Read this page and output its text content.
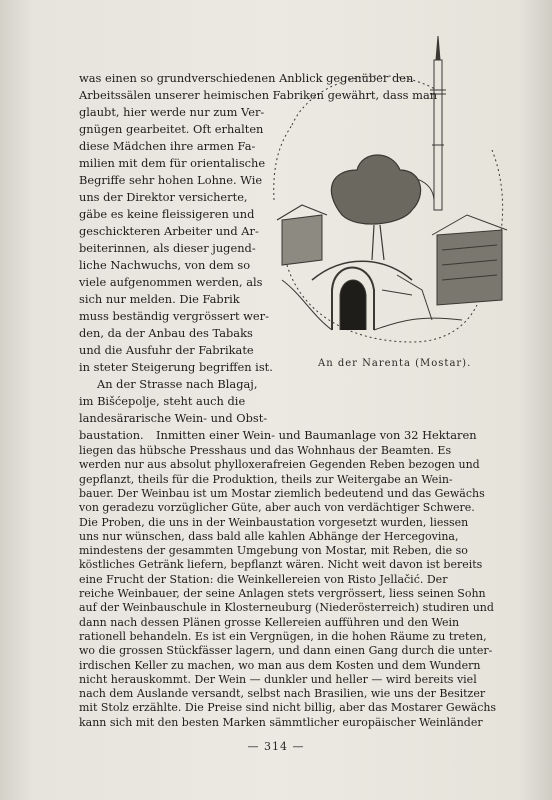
was einen so grundverschiedenen Anblick gegenüber den
Arbeitssälen unserer heimischen Fabriken gewährt, dass man
glaubt, hier werde nur zum Ver-
gnügen gearbeitet. Oft erhalten
diese Mädchen ihre armen Fa-
milien mit dem für orientalische
Begriffe sehr hohen Lohne. Wie
uns der Direktor versicherte,
gäbe es keine fleissigeren und
geschickteren Arbeiter und Ar-
beiterinnen, als dieser jugend-
liche Nachwuchs, von dem so
viele aufgenommen werden, als
sich nur melden. Die Fabrik
muss beständig vergrössert wer-
den, da der Anbau des Tabaks
und die Ausfuhr der Fabrikate
in steter Steigerung begriffen ist.
An der Strasse nach Blagaj,
im Bišćepolje, steht auch die
landesärarische Wein- und Obst-
baustation.
An der Narenta (Mostar).
Inmitten einer Wein- und Baumanlage von 32 Hektaren
liegen das hübsche Presshaus und das Wohnhaus der Beamten. Es
werden nur aus absolut phylloxerafreien Gegenden Reben bezogen und
gepflanzt, theils für die Produktion, theils zur Weitergabe an Wein-
bauer. Der Weinbau ist um Mostar ziemlich bedeutend und das Gewächs
von geradezu vorzüglicher Güte, aber auch von verdächtiger Schwere.
Die Proben, die uns in der Weinbaustation vorgesetzt wurden, liessen
uns nur wünschen, dass bald alle kahlen Abhänge der Hercegovina,
mindestens der gesammten Umgebung von Mostar, mit Reben, die so
köstliches Getränk liefern, bepflanzt wären. Nicht weit davon ist bereits
eine Frucht der Station: die Weinkellereien von Risto Jellačić. Der
reiche Weinbauer, der seine Anlagen stets vergrössert, liess seinen Sohn
auf der Weinbauschule in Klosterneuburg (Niederösterreich) studiren und
dann nach dessen Plänen grosse Kellereien aufführen und den Wein
rationell behandeln. Es ist ein Vergnügen, in die hohen Räume zu treten,
wo die grossen Stückfässer lagern, und dann einen Gang durch die unter-
irdischen Keller zu machen, wo man aus dem Kosten und dem Wundern
nicht herauskommt. Der Wein — dunkler und heller — wird bereits viel
— 314 —
nach dem Auslande versandt, selbst nach Brasilien, wie uns der Besitzer
mit Stolz erzählte. Die Preise sind nicht billig, aber das Mostarer Gewächs
kann sich mit den besten Marken sämmtlicher europäischer Weinländer
